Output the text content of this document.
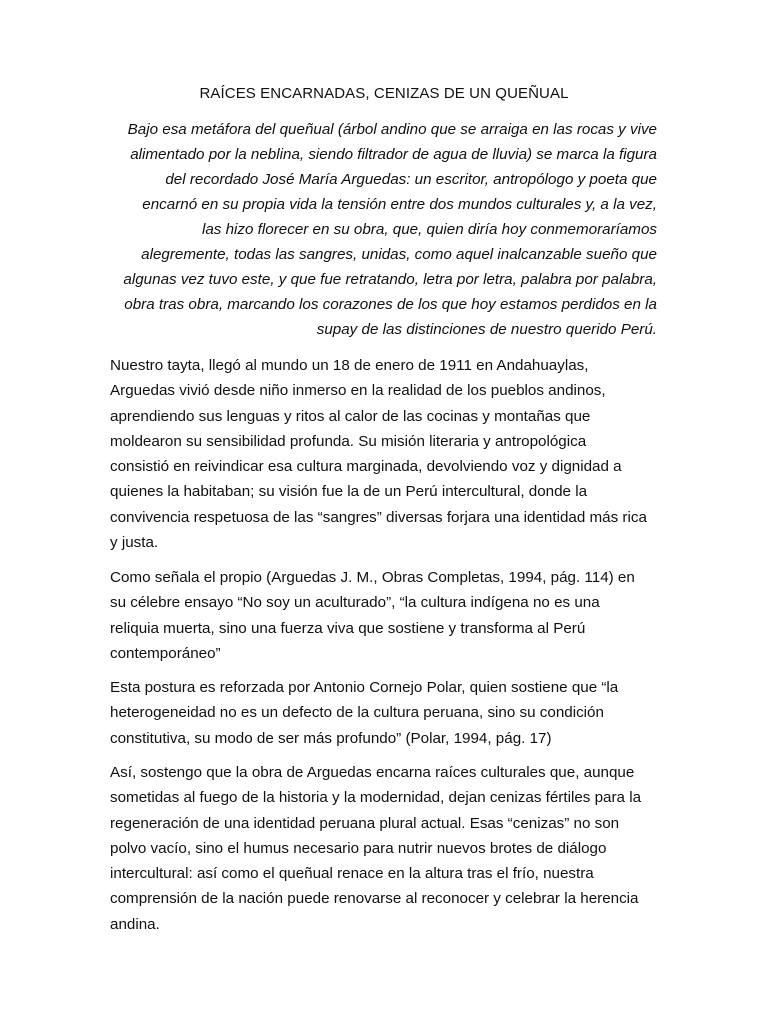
RAÍCES ENCARNADAS, CENIZAS DE UN QUEÑUAL
Bajo esa metáfora del queñual (árbol andino que se arraiga en las rocas y vive
alimentado por la neblina, siendo filtrador de agua de lluvia) se marca la figura
del recordado José María Arguedas: un escritor, antropólogo y poeta que
encarnó en su propia vida la tensión entre dos mundos culturales y, a la vez,
las hizo florecer en su obra, que, quien diría hoy conmemoraríamos
alegremente, todas las sangres, unidas, como aquel inalcanzable sueño que
algunas vez tuvo este, y que fue retratando, letra por letra, palabra por palabra,
obra tras obra, marcando los corazones de los que hoy estamos perdidos en la
supay de las distinciones de nuestro querido Perú.
Nuestro tayta, llegó al mundo un 18 de enero de 1911 en Andahuaylas,
Arguedas vivió desde niño inmerso en la realidad de los pueblos andinos,
aprendiendo sus lenguas y ritos al calor de las cocinas y montañas que
moldearon su sensibilidad profunda. Su misión literaria y antropológica
consistió en reivindicar esa cultura marginada, devolviendo voz y dignidad a
quienes la habitaban; su visión fue la de un Perú intercultural, donde la
convivencia respetuosa de las “sangres” diversas forjara una identidad más rica
y justa.
Como señala el propio (Arguedas J. M., Obras Completas, 1994, pág. 114) en
su célebre ensayo “No soy un aculturado”, “la cultura indígena no es una
reliquia muerta, sino una fuerza viva que sostiene y transforma al Perú
contemporáneo”
Esta postura es reforzada por Antonio Cornejo Polar, quien sostiene que “la
heterogeneidad no es un defecto de la cultura peruana, sino su condición
constitutiva, su modo de ser más profundo” (Polar, 1994, pág. 17)
Así, sostengo que la obra de Arguedas encarna raíces culturales que, aunque
sometidas al fuego de la historia y la modernidad, dejan cenizas fértiles para la
regeneración de una identidad peruana plural actual. Esas “cenizas” no son
polvo vacío, sino el humus necesario para nutrir nuevos brotes de diálogo
intercultural: así como el queñual renace en la altura tras el frío, nuestra
comprensión de la nación puede renovarse al reconocer y celebrar la herencia
andina.
